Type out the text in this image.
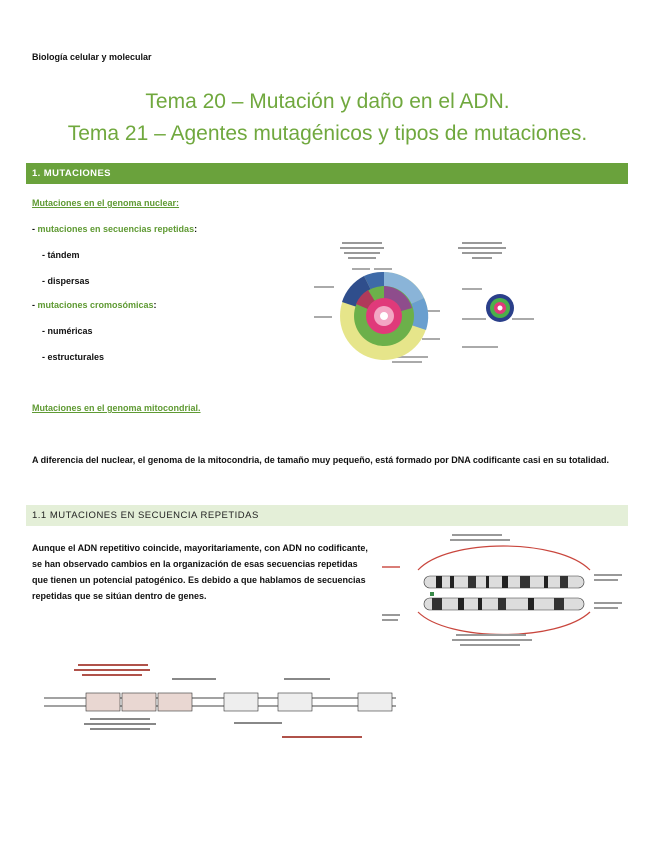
Biología celular y molecular
Tema 20 – Mutación y daño en el ADN.
Tema 21 – Agentes mutagénicos y tipos de mutaciones.
1. MUTACIONES
Mutaciones en el genoma nuclear:
- mutaciones en secuencias repetidas:
- tándem
- dispersas
- mutaciones cromosómicas:
- numéricas
- estructurales
Mutaciones en el genoma mitocondrial.
A diferencia del nuclear, el genoma de la mitocondria, de tamaño muy pequeño, está formado por DNA codificante casi en su totalidad.
1.1 MUTACIONES EN SECUENCIA REPETIDAS
Aunque el ADN repetitivo coincide, mayoritariamente, con ADN no codificante, se han observado cambios en la organización de esas secuencias repetidas que tienen un potencial patogénico. Es debido a que hablamos de secuencias repetidas que se sitúan dentro de genes.
